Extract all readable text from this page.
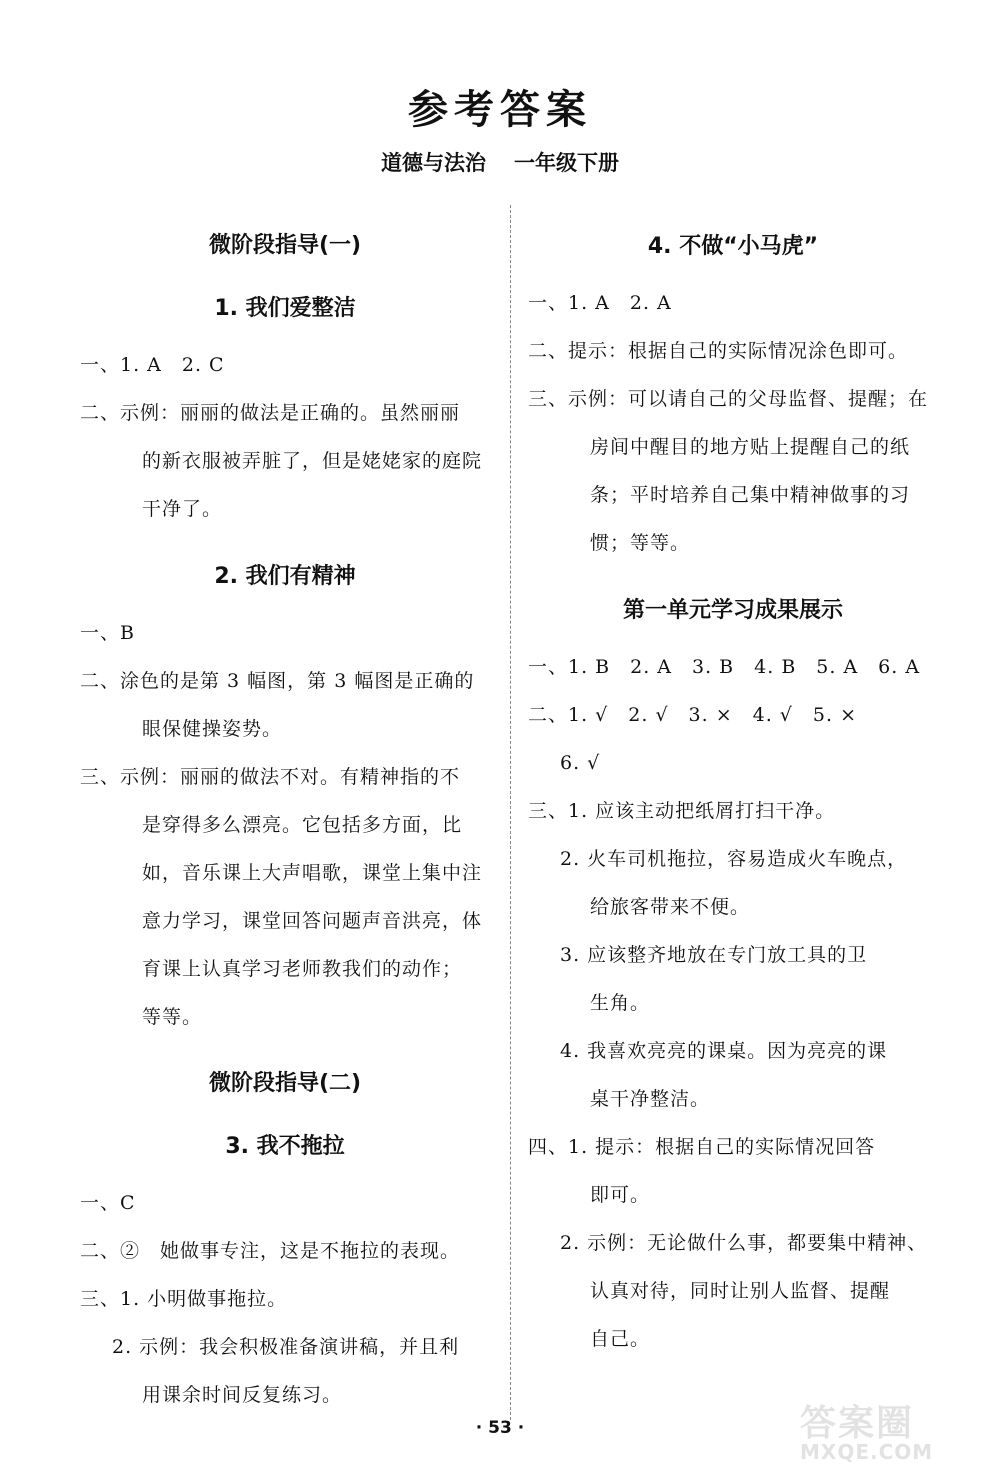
参考答案
道德与法治 一年级下册
微阶段指导(一)
1. 我们爱整洁
一、1. A　2. C
二、示例：丽丽的做法是正确的。虽然丽丽
的新衣服被弄脏了，但是姥姥家的庭院
干净了。
2. 我们有精神
一、B
二、涂色的是第 3 幅图，第 3 幅图是正确的
眼保健操姿势。
三、示例：丽丽的做法不对。有精神指的不
是穿得多么漂亮。它包括多方面，比
如，音乐课上大声唱歌，课堂上集中注
意力学习，课堂回答问题声音洪亮，体
育课上认真学习老师教我们的动作；
等等。
微阶段指导(二)
3. 我不拖拉
一、C
二、②　她做事专注，这是不拖拉的表现。
三、1. 小明做事拖拉。
2. 示例：我会积极准备演讲稿，并且利
用课余时间反复练习。
4. 不做“小马虎”
一、1. A　2. A
二、提示：根据自己的实际情况涂色即可。
三、示例：可以请自己的父母监督、提醒；在
房间中醒目的地方贴上提醒自己的纸
条；平时培养自己集中精神做事的习
惯；等等。
第一单元学习成果展示
一、1. B　2. A　3. B　4. B　5. A　6. A
二、1. √　2. √　3. ×　4. √　5. ×
6. √
三、1. 应该主动把纸屑打扫干净。
2. 火车司机拖拉，容易造成火车晚点，
给旅客带来不便。
3. 应该整齐地放在专门放工具的卫
生角。
4. 我喜欢亮亮的课桌。因为亮亮的课
桌干净整洁。
四、1. 提示：根据自己的实际情况回答
即可。
2. 示例：无论做什么事，都要集中精神、
认真对待，同时让别人监督、提醒
自己。
· 53 ·	答案圈
MXQE.COM
